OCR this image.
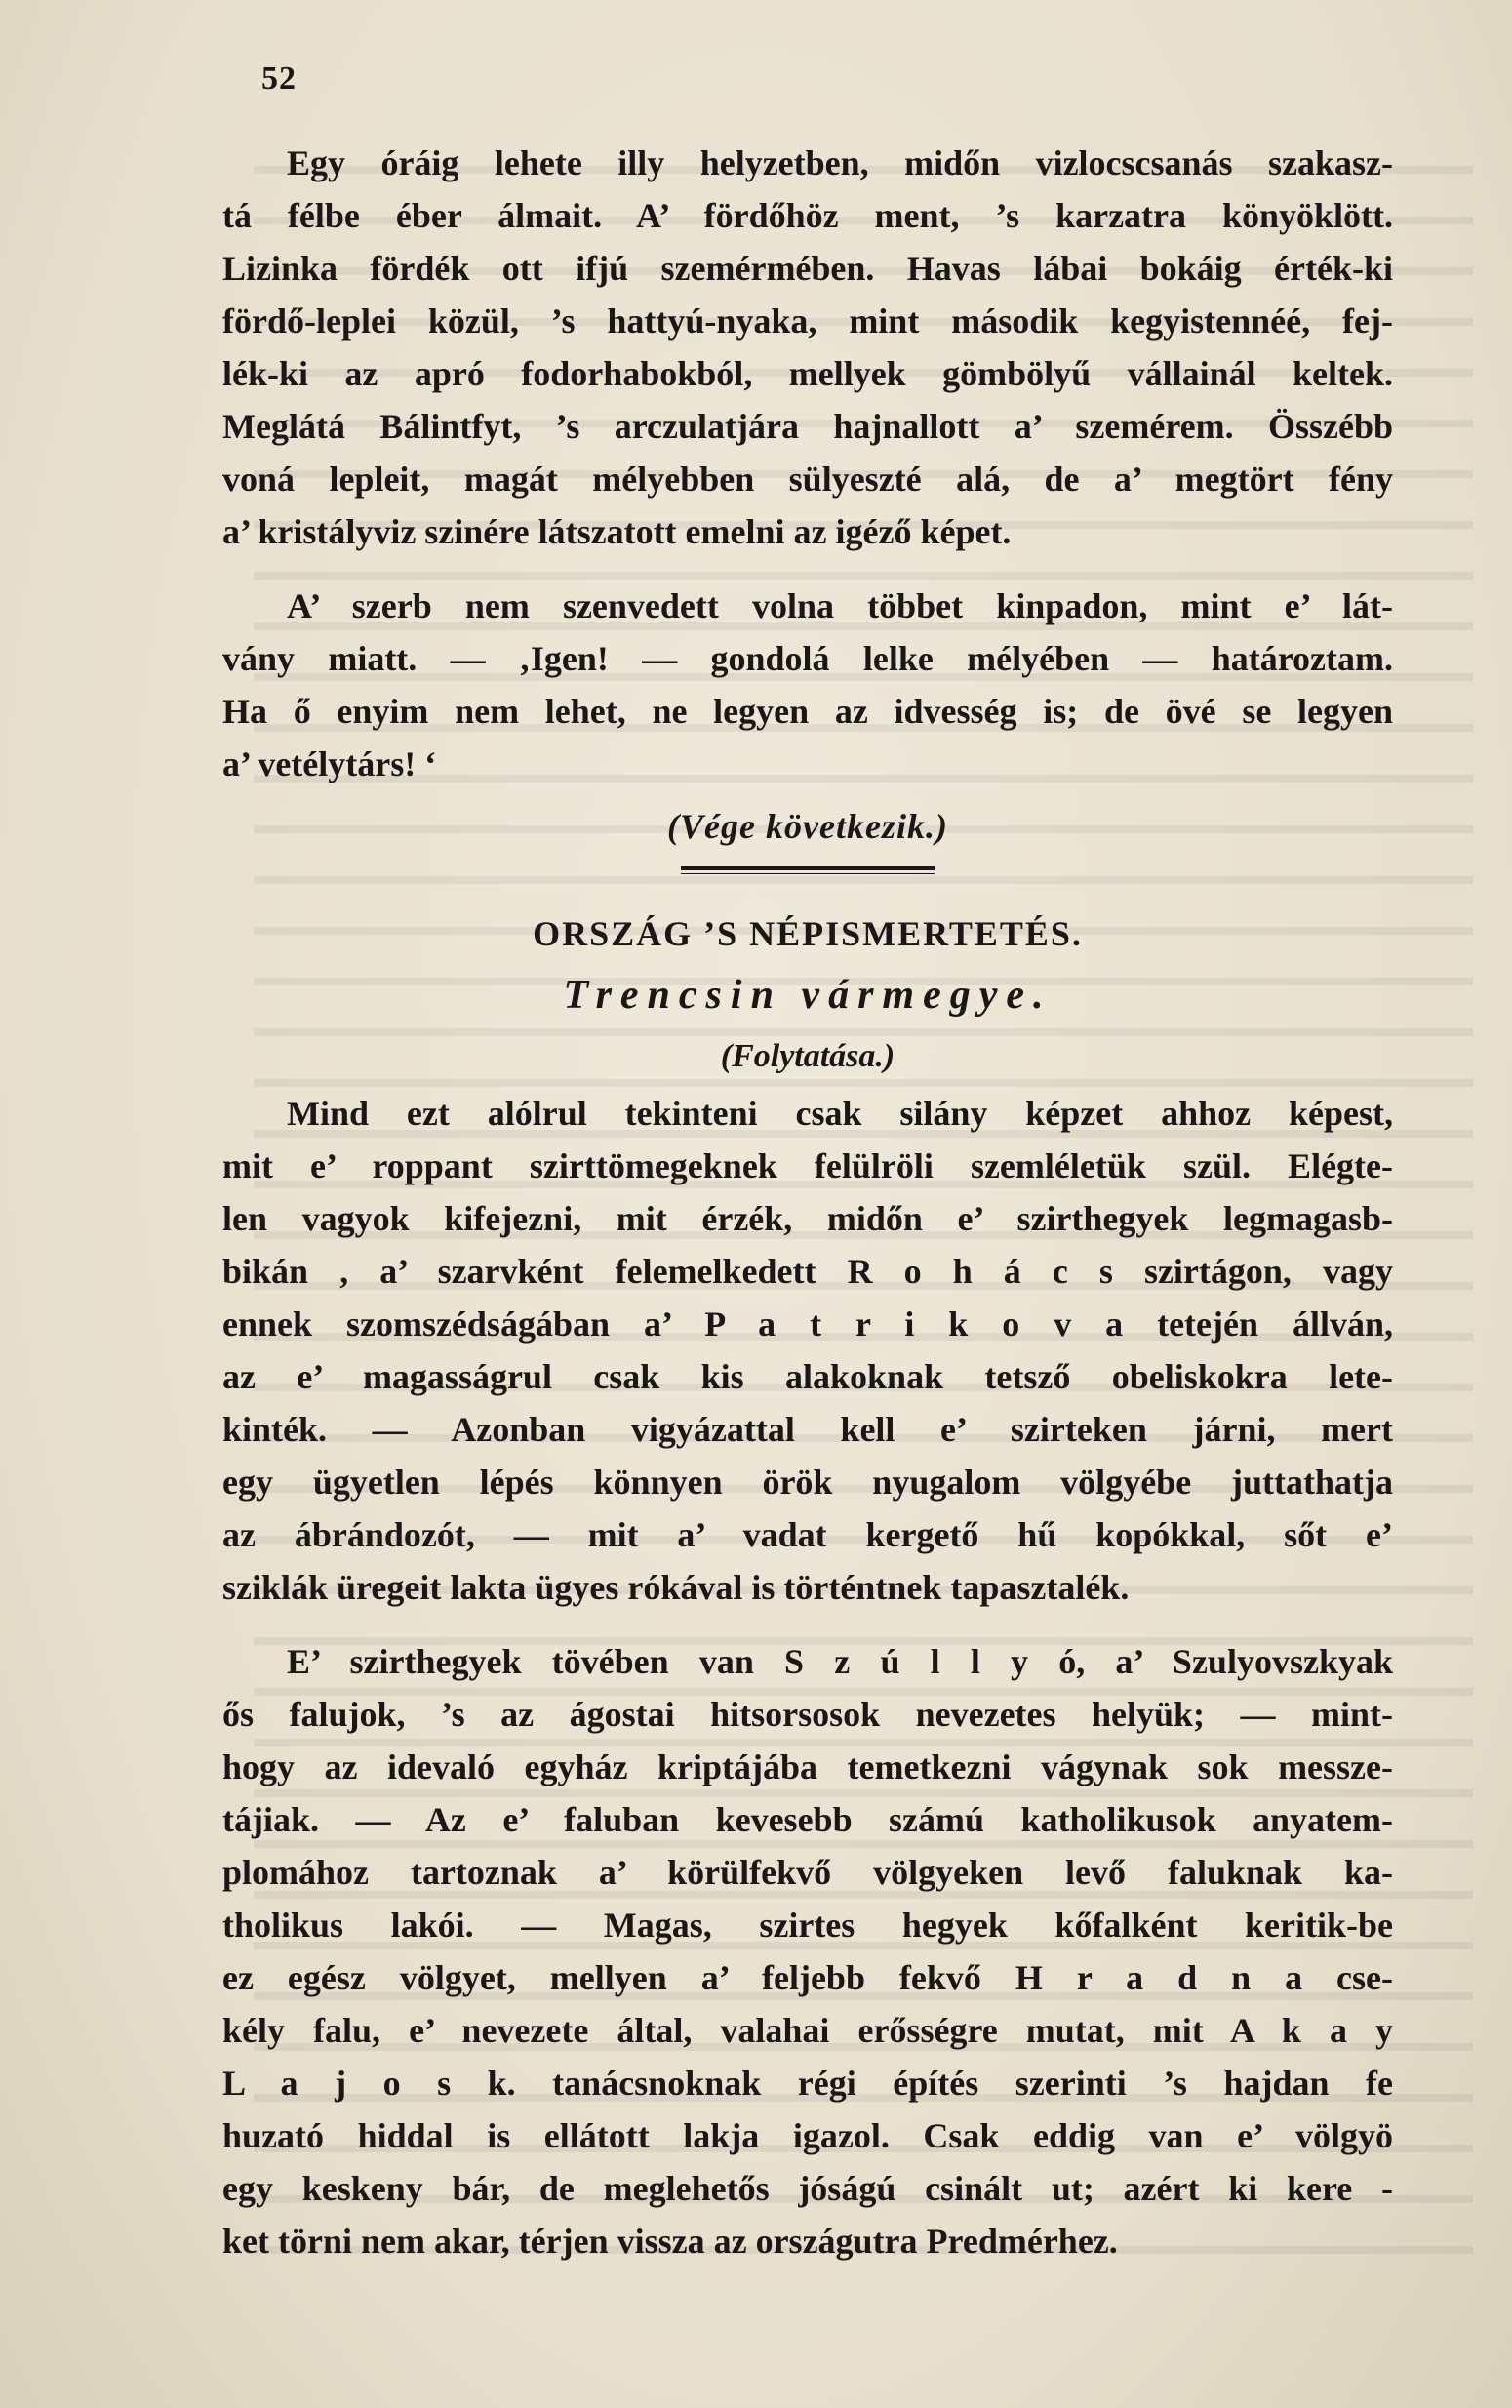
52
Egy óráig lehete illy helyzetben, midőn vizlocscsanás szakasz-
tá félbe éber álmait. A’ fördőhöz ment, ’s karzatra könyöklött.
Lizinka fördék ott ifjú szemérmében. Havas lábai bokáig érték-ki
fördő-leplei közül, ’s hattyú-nyaka, mint második kegyistennéé, fej-
lék-ki az apró fodorhabokból, mellyek gömbölyű vállainál keltek.
Meglátá Bálintfyt, ’s arczulatjára hajnallott a’ szemérem. Összébb
voná lepleit, magát mélyebben sülyeszté alá, de a’ megtört fény
a’ kristályviz szinére látszatott emelni az igéző képet.
A’ szerb nem szenvedett volna többet kinpadon, mint e’ lát-
vány miatt. — ‚Igen! — gondolá lelke mélyében — határoztam.
Ha ő enyim nem lehet, ne legyen az idvesség is; de övé se legyen
a’ vetélytárs! ‘
(Vége következik.)
ORSZÁG ’S NÉPISMERTETÉS.
Trencsin vármegye.
(Folytatása.)
Mind ezt alólrul tekinteni csak silány képzet ahhoz képest,
mit e’ roppant szirttömegeknek felülröli szemléletük szül. Elégte-
len vagyok kifejezni, mit érzék, midőn e’ szirthegyek legmagasb-
bikán , a’ szarvként felemelkedett R o h á c s szirtágon, vagy
ennek szomszédságában a’ P a t r i k o v a tetején állván,
az e’ magasságrul csak kis alakoknak tetsző obeliskokra lete-
kinték. — Azonban vigyázattal kell e’ szirteken járni, mert
egy ügyetlen lépés könnyen örök nyugalom völgyébe juttathatja
az ábrándozót, — mit a’ vadat kergető hű kopókkal, sőt e’
sziklák üregeit lakta ügyes rókával is történtnek tapasztalék.
E’ szirthegyek tövében van S z ú l l y ó, a’ Szulyovszkyak
ős falujok, ’s az ágostai hitsorsosok nevezetes helyük; — mint-
hogy az idevaló egyház kriptájába temetkezni vágynak sok messze-
tájiak. — Az e’ faluban kevesebb számú katholikusok anyatem-
plomához tartoznak a’ körülfekvő völgyeken levő faluknak ka-
tholikus lakói. — Magas, szirtes hegyek kőfalként keritik-be
ez egész völgyet, mellyen a’ feljebb fekvő H r a d n a cse-
kély falu, e’ nevezete által, valahai erősségre mutat, mit A k a y
L a j o s k. tanácsnoknak régi építés szerinti ’s hajdan fe
huzató hiddal is ellátott lakja igazol. Csak eddig van e’ völgyö
egy keskeny bár, de meglehetős jóságú csinált ut; azért ki kere -
ket törni nem akar, térjen vissza az országutra Predmérhez.
